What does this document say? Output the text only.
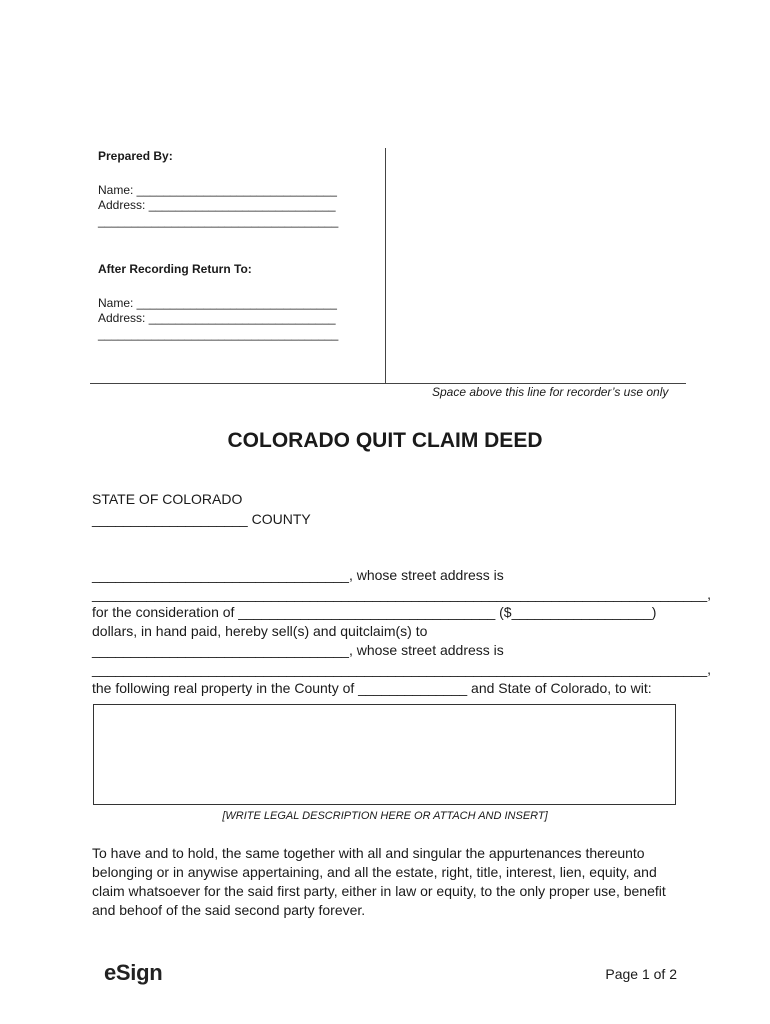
Prepared By:
Name: ______________________________
Address: ____________________________
____________________________________
After Recording Return To:
Name: ______________________________
Address: ____________________________
____________________________________
Space above this line for recorder’s use only
COLORADO QUIT CLAIM DEED
STATE OF COLORADO
____________________ COUNTY
_________________________________, whose street address is
_______________________________________________________________________________,
for the consideration of _________________________________ ($__________________)
dollars, in hand paid, hereby sell(s) and quitclaim(s) to
_________________________________, whose street address is
_______________________________________________________________________________,
the following real property in the County of ______________ and State of Colorado, to wit:
[WRITE LEGAL DESCRIPTION HERE OR ATTACH AND INSERT]
To have and to hold, the same together with all and singular the appurtenances thereunto belonging or in anywise appertaining, and all the estate, right, title, interest, lien, equity, and claim whatsoever for the said first party, either in law or equity, to the only proper use, benefit and behoof of the said second party forever.
eSign	Page 1 of 2
